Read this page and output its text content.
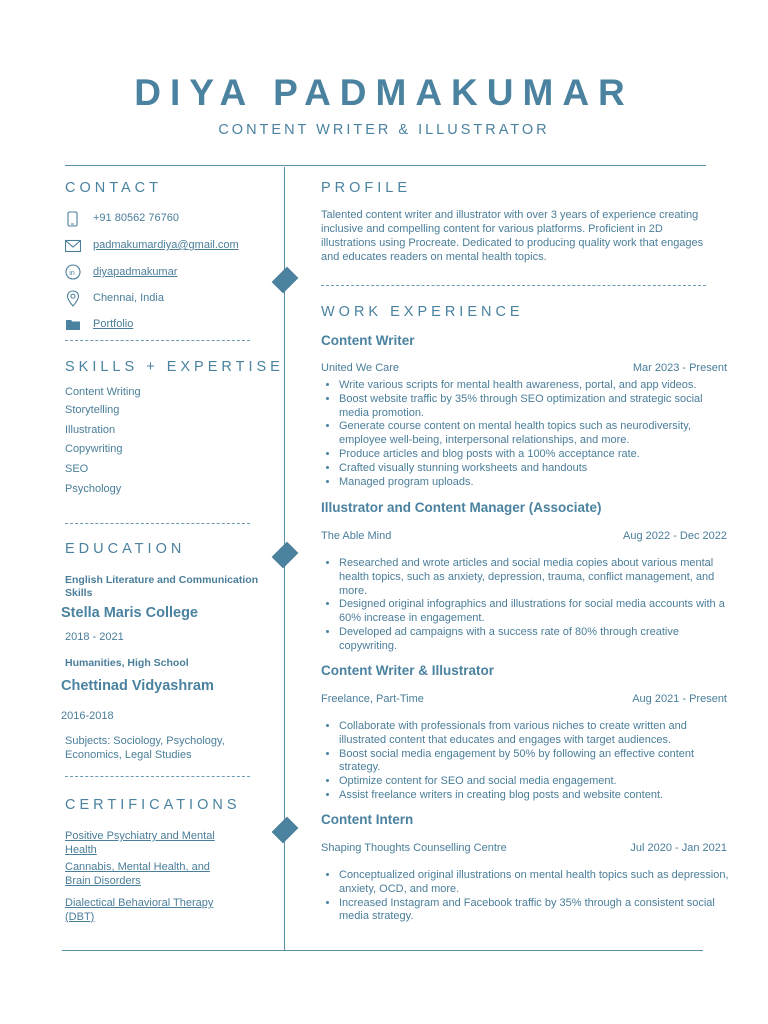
DIYA PADMAKUMAR
CONTENT WRITER & ILLUSTRATOR
CONTACT
+91 80562 76760
padmakumardiya@gmail.com
in diyapadmakumar
Chennai, India
Portfolio
SKILLS + EXPERTISE
Content Writing
Storytelling
Illustration
Copywriting
SEO
Psychology
EDUCATION
English Literature and Communication Skills
Stella Maris College
2018 - 2021
Humanities, High School
Chettinad Vidyashram
2016-2018
Subjects: Sociology, Psychology, Economics, Legal Studies
CERTIFICATIONS
Positive Psychiatry and Mental Health
Cannabis, Mental Health, and Brain Disorders
Dialectical Behavioral Therapy (DBT)
PROFILE
Talented content writer and illustrator with over 3 years of experience creating inclusive and compelling content for various platforms. Proficient in 2D illustrations using Procreate. Dedicated to producing quality work that engages and educates readers on mental health topics.
WORK EXPERIENCE
Content Writer
United We Care	Mar 2023 - Present
• Write various scripts for mental health awareness, portal, and app videos.
• Boost website traffic by 35% through SEO optimization and strategic social media promotion.
• Generate course content on mental health topics such as neurodiversity, employee well-being, interpersonal relationships, and more.
• Produce articles and blog posts with a 100% acceptance rate.
• Crafted visually stunning worksheets and handouts
• Managed program uploads.
Illustrator and Content Manager (Associate)
The Able Mind	Aug 2022 - Dec 2022
• Researched and wrote articles and social media copies about various mental health topics, such as anxiety, depression, trauma, conflict management, and more.
• Designed original infographics and illustrations for social media accounts with a 60% increase in engagement.
• Developed ad campaigns with a success rate of 80% through creative copywriting.
Content Writer & Illustrator
Freelance, Part-Time	Aug 2021 - Present
• Collaborate with professionals from various niches to create written and illustrated content that educates and engages with target audiences.
• Boost social media engagement by 50% by following an effective content strategy.
• Optimize content for SEO and social media engagement.
• Assist freelance writers in creating blog posts and website content.
Content Intern
Shaping Thoughts Counselling Centre	Jul 2020 - Jan 2021
• Conceptualized original illustrations on mental health topics such as depression, anxiety, OCD, and more.
• Increased Instagram and Facebook traffic by 35% through a consistent social media strategy.
